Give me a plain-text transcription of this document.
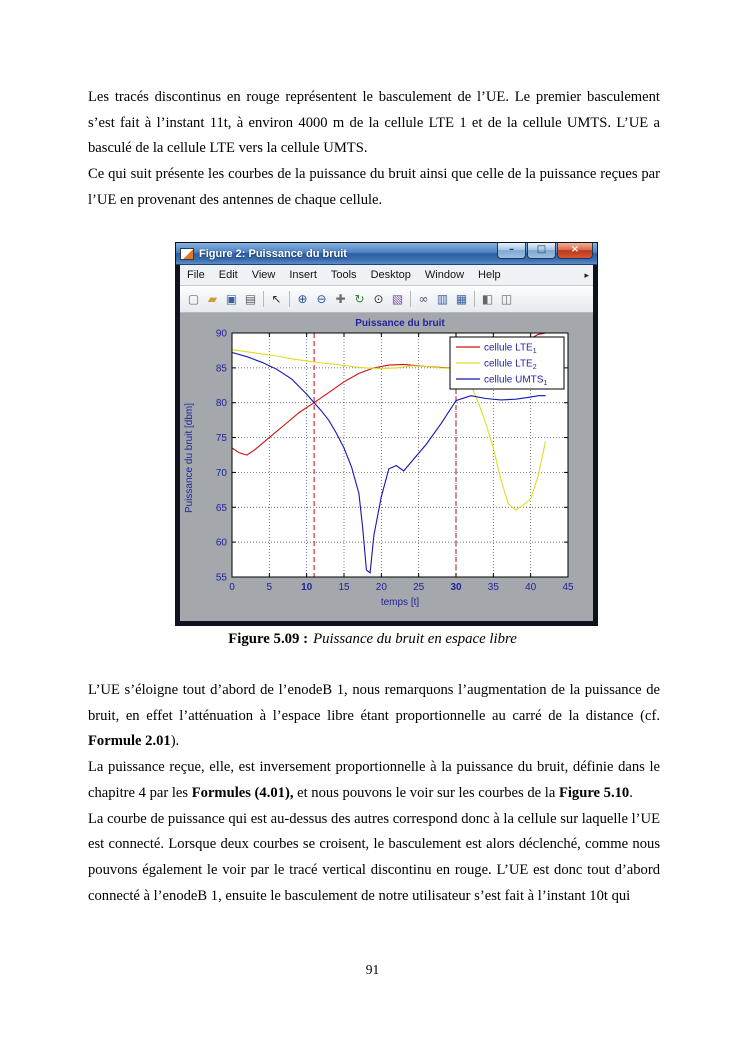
Les tracés discontinus en rouge représentent le basculement de l’UE. Le premier basculement s’est fait à l’instant 11t, à environ 4000 m de la cellule LTE 1 et de la cellule UMTS. L’UE a basculé de la cellule LTE vers la cellule UMTS.

Ce qui suit présente les courbes de la puissance du bruit ainsi que celle de la puissance reçues par l’UE en provenant des antennes de chaque cellule.

Figure 2: Puissance du bruit	–	□	×
File	Edit	View	Insert	Tools	Desktop	Window	Help	▸
▢ ▰ ▣ ▤ ↖ ⊕ ⊖ ✚ ↻ ⊙ ▧ ∞ ▥ ▦ ◧ ◫
0	5	10	15	20	25	30	35	40	45
55
60
65
70
75
80
85
90
Puissance du bruit
temps [t]
Puissance du bruit [dbm]
cellule $LTE_1$
cellule $LTE_2$
cellule $UMTS_1$
Figure 5.09 : Puissance du bruit en espace libre

L’UE s’éloigne tout d’abord de l’enodeB 1, nous remarquons l’augmentation de la puissance de bruit, en effet l’atténuation à l’espace libre étant proportionnelle au carré de la distance (cf. Formule 2.01).

La puissance reçue, elle, est inversement proportionnelle à la puissance du bruit, définie dans le chapitre 4 par les Formules (4.01), et nous pouvons le voir sur les courbes de la Figure 5.10.

La courbe de puissance qui est au-dessus des autres correspond donc à la cellule sur laquelle l’UE est connecté. Lorsque deux courbes se croisent, le basculement est alors déclenché, comme nous pouvons également le voir par le tracé vertical discontinu en rouge. L’UE est donc tout d’abord connecté à l’enodeB 1, ensuite le basculement de notre utilisateur s’est fait à l’instant 10t qui

91
